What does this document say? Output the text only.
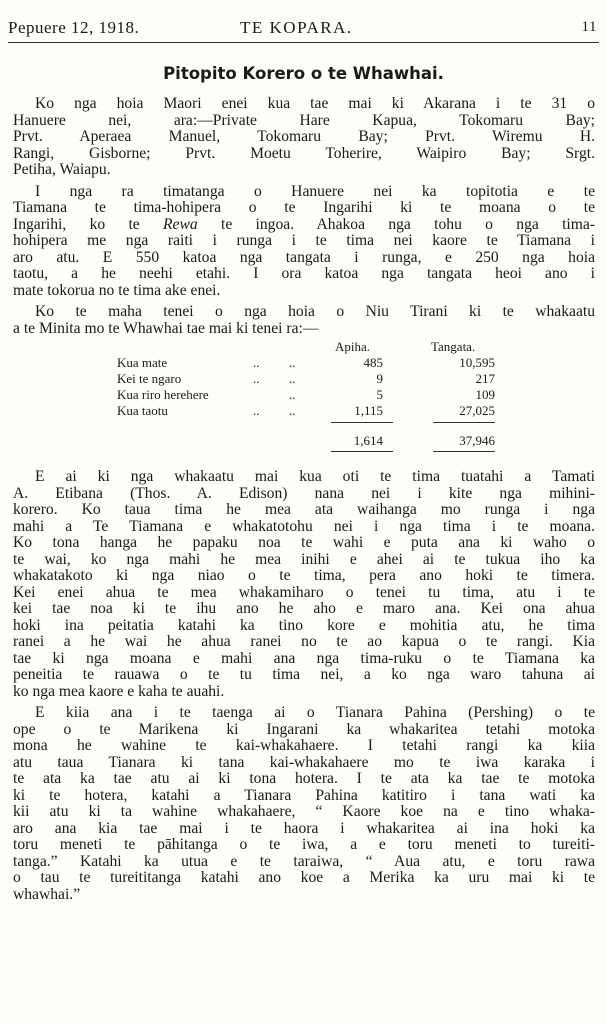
Pepuere 12, 1918.	TE KOPARA.	11
Pitopito Korero o te Whawhai.
Ko nga hoia Maori enei kua tae mai ki Akarana i te 31 o
Hanuere nei, ara:—Private Hare Kapua, Tokomaru Bay;
Prvt. Aperaea Manuel, Tokomaru Bay; Prvt. Wiremu H.
Rangi, Gisborne; Prvt. Moetu Toherire, Waipiro Bay; Srgt.
Petiha, Waiapu.
I nga ra timatanga o Hanuere nei ka topitotia e te
Tiamana te tima-hohipera o te Ingarihi ki te moana o te
Ingarihi, ko te Rewa te ingoa. Ahakoa nga tohu o nga tima-
hohipera me nga raiti i runga i te tima nei kaore te Tiamana i
aro atu. E 550 katoa nga tangata i runga, e 250 nga hoia
taotu, a he neehi etahi. I ora katoa nga tangata heoi ano i
mate tokorua no te tima ake enei.
Ko te maha tenei o nga hoia o Niu Tirani ki te whakaatu
a te Minita mo te Whawhai tae mai ki tenei ra:—
Apiha.	Tangata.
Kua mate	.. ..	485	10,595
Kei te ngaro	.. ..	9	217
Kua riro herehere	..	5	109
Kua taotu	.. ..	1,115	27,025
1,614	37,946
E ai ki nga whakaatu mai kua oti te tima tuatahi a Tamati
A. Etibana (Thos. A. Edison) nana nei i kite nga mihini-
korero. Ko taua tima he mea ata waihanga mo runga i nga
mahi a Te Tiamana e whakatotohu nei i nga tima i te moana.
Ko tona hanga he papaku noa te wahi e puta ana ki waho o
te wai, ko nga mahi he mea inihi e ahei ai te tukua iho ka
whakatakoto ki nga niao o te tima, pera ano hoki te timera.
Kei enei ahua te mea whakamiharo o tenei tu tima, atu i te
kei tae noa ki te ihu ano he aho e maro ana. Kei ona ahua
hoki ina peitatia katahi ka tino kore e mohitia atu, he tima
ranei a he wai he ahua ranei no te ao kapua o te rangi. Kia
tae ki nga moana e mahi ana nga tima-ruku o te Tiamana ka
peneitia te rauawa o te tu tima nei, a ko nga waro tahuna ai
ko nga mea kaore e kaha te auahi.
E kiia ana i te taenga ai o Tianara Pahina (Pershing) o te
ope o te Marikena ki Ingarani ka whakaritea tetahi motoka
mona he wahine te kai-whakahaere. I tetahi rangi ka kiia
atu taua Tianara ki tana kai-whakahaere mo te iwa karaka i
te ata ka tae atu ai ki tona hotera. I te ata ka tae te motoka
ki te hotera, katahi a Tianara Pahina katitiro i tana wati ka
kii atu ki ta wahine whakahaere, “ Kaore koe na e tino whaka-
aro ana kia tae mai i te haora i whakaritea ai ina hoki ka
toru meneti te pāhitanga o te iwa, a e toru meneti to tureiti-
tanga.” Katahi ka utua e te taraiwa, “ Aua atu, e toru rawa
o tau te tureititanga katahi ano koe a Merika ka uru mai ki te
whawhai.”
